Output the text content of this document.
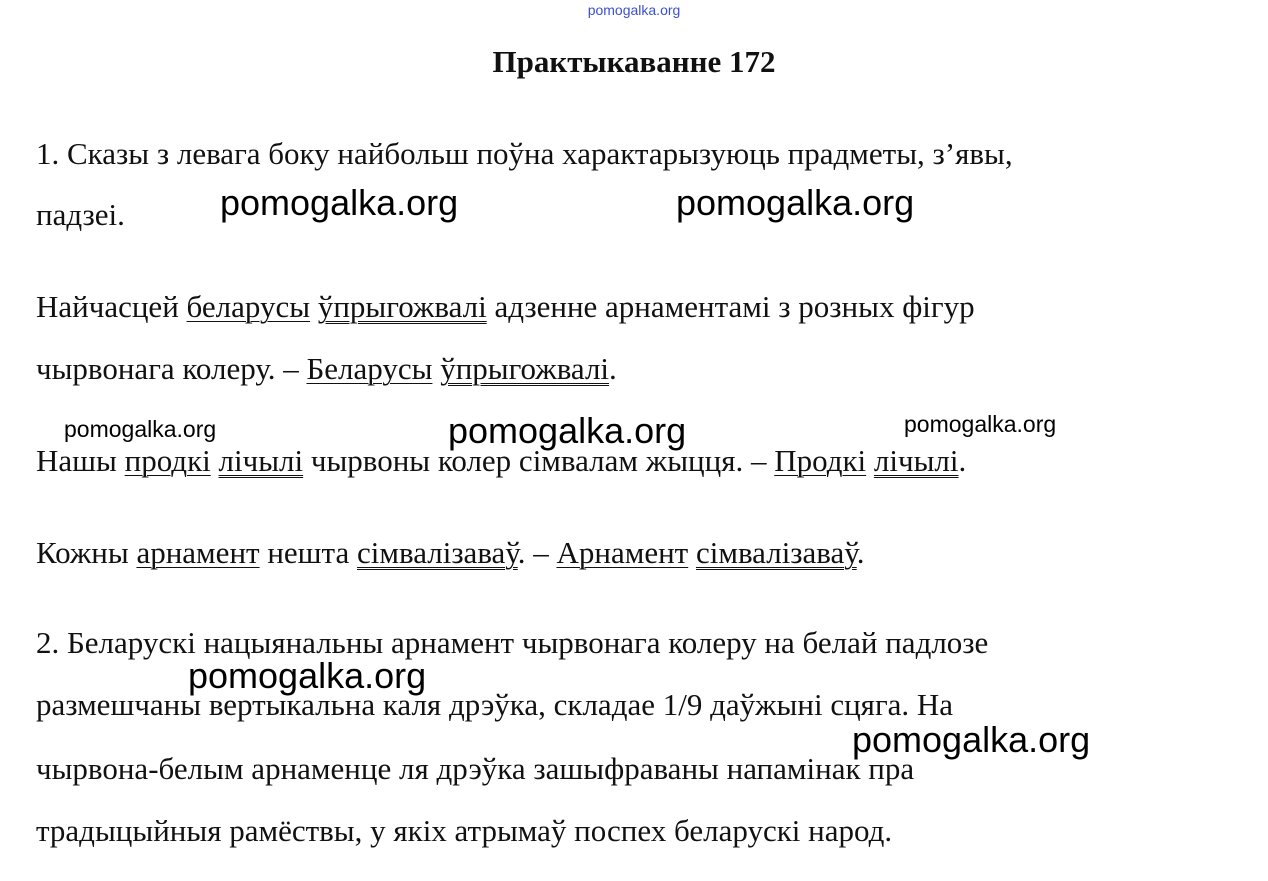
pomogalka.org
Практыкаванне 172
1. Сказы з левага боку найбольш поўна характарызуюць прадметы, з’явы,
падзеі.
Найчасцей беларусы ўпрыгожвалі адзенне арнаментамі з розных фігур
чырвонага колеру. – Беларусы ўпрыгожвалі.
Нашы продкі лічылі чырвоны колер сімвалам жыцця. – Продкі лічылі.
Кожны арнамент нешта сімвалізаваў. – Арнамент сімвалізаваў.
2. Беларускі нацыянальны арнамент чырвонага колеру на белай падлозе
размешчаны вертыкальна каля дрэўка, складае 1/9 даўжыні сцяга. На
чырвона-белым арнаменце ля дрэўка зашыфраваны напамінак пра
традыцыйныя рамёствы, у якіх атрымаў поспех беларускі народ.
pomogalka.org	pomogalka.org
pomogalka.org	pomogalka.org	pomogalka.org
pomogalka.org
pomogalka.org
